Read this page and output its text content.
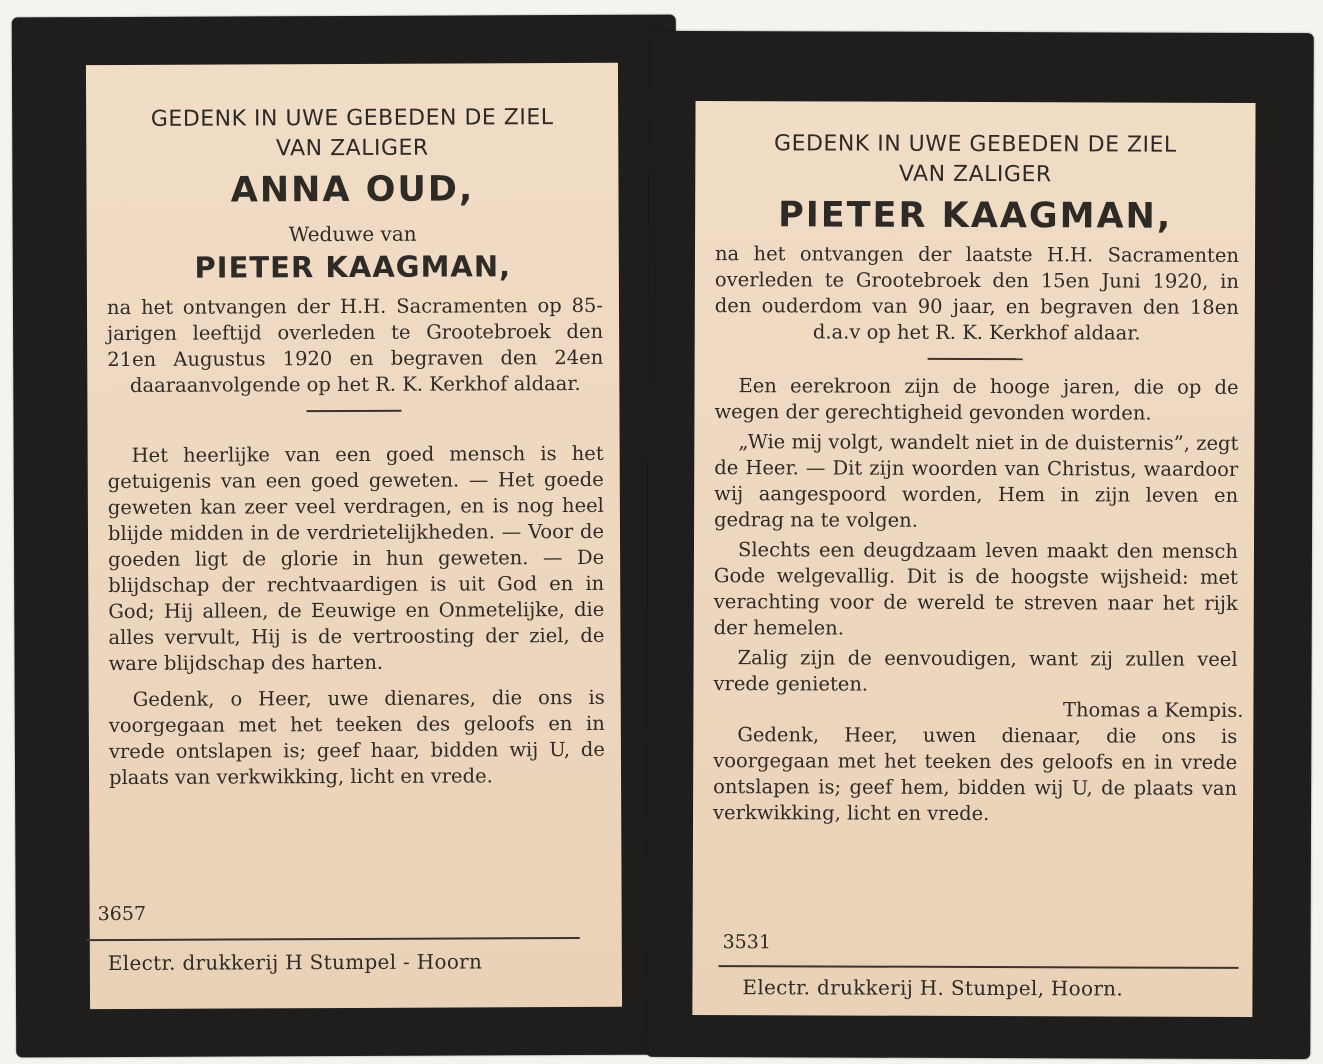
GEDENK IN UWE GEBEDEN DE ZIEL
VAN ZALIGER
ANNA OUD,
Weduwe van
PIETER KAAGMAN,
na het ontvangen der H.H. Sacramenten op 85-jarigen leeftijd overleden te Grootebroek den 21en Augustus 1920 en begraven den 24en daaraanvolgende op het R. K. Kerkhof aldaar.
Het heerlijke van een goed mensch is het getuigenis van een goed geweten. — Het goede geweten kan zeer veel verdragen, en is nog heel blijde midden in de verdrietelijkheden. — Voor de goeden ligt de glorie in hun geweten. — De blijdschap der rechtvaardigen is uit God en in God; Hij alleen, de Eeuwige en Onmetelijke, die alles vervult, Hij is de vertroosting der ziel, de ware blijdschap des harten.
Gedenk, o Heer, uwe dienares, die ons is voorgegaan met het teeken des geloofs en in vrede ontslapen is; geef haar, bidden wij U, de plaats van verkwikking, licht en vrede.
3657
Electr. drukkerij H Stumpel - Hoorn
GEDENK IN UWE GEBEDEN DE ZIEL
VAN ZALIGER
PIETER KAAGMAN,
na het ontvangen der laatste H.H. Sacramenten overleden te Grootebroek den 15en Juni 1920, in den ouderdom van 90 jaar, en begraven den 18en d.a.v op het R. K. Kerkhof aldaar.
Een eerekroon zijn de hooge jaren, die op de wegen der gerechtigheid gevonden worden.
„Wie mij volgt, wandelt niet in de duisternis”, zegt de Heer. — Dit zijn woorden van Christus, waardoor wij aangespoord worden, Hem in zijn leven en gedrag na te volgen.
Slechts een deugdzaam leven maakt den mensch Gode welgevallig. Dit is de hoogste wijsheid: met verachting voor de wereld te streven naar het rijk der hemelen.
Zalig zijn de eenvoudigen, want zij zullen veel vrede genieten.
Thomas a Kempis.
Gedenk, Heer, uwen dienaar, die ons is voorgegaan met het teeken des geloofs en in vrede ontslapen is; geef hem, bidden wij U, de plaats van verkwikking, licht en vrede.
3531
Electr. drukkerij H. Stumpel, Hoorn.
